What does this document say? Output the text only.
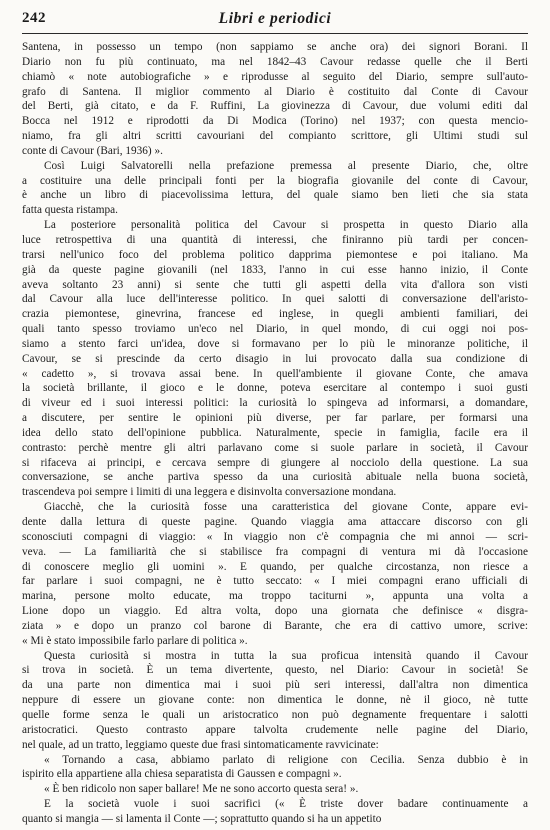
242	Libri e periodici

Santena, in possesso un tempo (non sappiamo se anche ora) dei signori Borani. Il
Diario non fu più continuato, ma nel 1842–43 Cavour redasse quelle che il Berti
chiamò « note autobiografiche » e riprodusse al seguito del Diario, sempre sull'auto-
grafo di Santena. Il miglior commento al Diario è costituito dal Conte di Cavour
del Berti, già citato, e da F. Ruffini, La giovinezza di Cavour, due volumi editi dal
Bocca nel 1912 e riprodotti da Di Modica (Torino) nel 1937; con questa mencio-
niamo, fra gli altri scritti cavouriani del compianto scrittore, gli Ultimi studi sul
conte di Cavour (Bari, 1936) ».

Così Luigi Salvatorelli nella prefazione premessa al presente Diario, che, oltre
a costituire una delle principali fonti per la biografia giovanile del conte di Cavour,
è anche un libro di piacevolissima lettura, del quale siamo ben lieti che sia stata
fatta questa ristampa.

La posteriore personalità politica del Cavour si prospetta in questo Diario alla
luce retrospettiva di una quantità di interessi, che finiranno più tardi per concen-
trarsi nell'unico foco del problema politico dapprima piemontese e poi italiano. Ma
già da queste pagine giovanili (nel 1833, l'anno in cui esse hanno inizio, il Conte
aveva soltanto 23 anni) si sente che tutti gli aspetti della vita d'allora son visti
dal Cavour alla luce dell'interesse politico. In quei salotti di conversazione dell'aristo-
crazia piemontese, ginevrina, francese ed inglese, in quegli ambienti familiari, dei
quali tanto spesso troviamo un'eco nel Diario, in quel mondo, di cui oggi noi pos-
siamo a stento farci un'idea, dove si formavano per lo più le minoranze politiche, il
Cavour, se si prescinde da certo disagio in lui provocato dalla sua condizione di
« cadetto », si trovava assai bene. In quell'ambiente il giovane Conte, che amava
la società brillante, il gioco e le donne, poteva esercitare al contempo i suoi gusti
di viveur ed i suoi interessi politici: la curiosità lo spingeva ad informarsi, a domandare,
a discutere, per sentire le opinioni più diverse, per far parlare, per formarsi una
idea dello stato dell'opinione pubblica. Naturalmente, specie in famiglia, facile era il
contrasto: perchè mentre gli altri parlavano come si suole parlare in società, il Cavour
si rifaceva ai principi, e cercava sempre di giungere al nocciolo della questione. La sua
conversazione, se anche partiva spesso da una curiosità abituale nella buona società,
trascendeva poi sempre i limiti di una leggera e disinvolta conversazione mondana.

Giacchè, che la curiosità fosse una caratteristica del giovane Conte, appare evi-
dente dalla lettura di queste pagine. Quando viaggia ama attaccare discorso con gli
sconosciuti compagni di viaggio: « In viaggio non c'è compagnia che mi annoi — scri-
veva. — La familiarità che si stabilisce fra compagni di ventura mi dà l'occasione
di conoscere meglio gli uomini ». E quando, per qualche circostanza, non riesce a
far parlare i suoi compagni, ne è tutto seccato: « I miei compagni erano ufficiali di
marina, persone molto educate, ma troppo taciturni », appunta una volta a
Lione dopo un viaggio. Ed altra volta, dopo una giornata che definisce « disgra-
ziata » e dopo un pranzo col barone di Barante, che era di cattivo umore, scrive:
« Mi è stato impossibile farlo parlare di politica ».

Questa curiosità si mostra in tutta la sua proficua intensità quando il Cavour
si trova in società. È un tema divertente, questo, nel Diario: Cavour in società! Se
da una parte non dimentica mai i suoi più seri interessi, dall'altra non dimentica
neppure di essere un giovane conte: non dimentica le donne, nè il gioco, nè tutte
quelle forme senza le quali un aristocratico non può degnamente frequentare i salotti
aristocratici. Questo contrasto appare talvolta crudemente nelle pagine del Diario,
nel quale, ad un tratto, leggiamo queste due frasi sintomaticamente ravvicinate:

« Tornando a casa, abbiamo parlato di religione con Cecilia. Senza dubbio è in
ispirito ella appartiene alla chiesa separatista di Gaussen e compagni ».

« È ben ridicolo non saper ballare! Me ne sono accorto questa sera! ».

E la società vuole i suoi sacrifici (« È triste dover badare continuamente a
quanto si mangia — si lamenta il Conte —; soprattutto quando si ha un appetito
